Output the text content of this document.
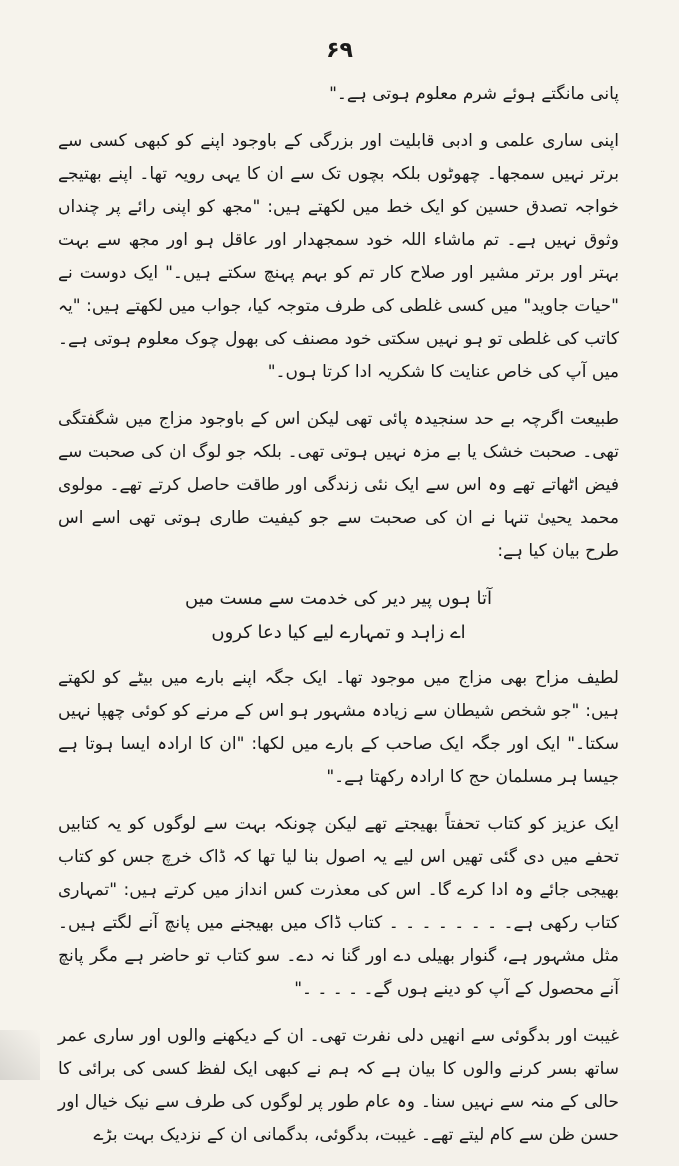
۶۹

پانی مانگتے ہوئے شرم معلوم ہوتی ہے۔"

اپنی ساری علمی و ادبی قابلیت اور بزرگی کے باوجود اپنے کو کبھی کسی سے برتر نہیں سمجھا۔ چھوٹوں بلکہ بچوں تک سے ان کا یہی رویہ تھا۔ اپنے بھتیجے خواجہ تصدق حسین کو ایک خط میں لکھتے ہیں: "مجھ کو اپنی رائے پر چنداں وثوق نہیں ہے۔ تم ماشاء اللہ خود سمجھدار اور عاقل ہو اور مجھ سے بہت بہتر اور برتر مشیر اور صلاح کار تم کو بہم پہنچ سکتے ہیں۔" ایک دوست نے "حیات جاوید" میں کسی غلطی کی طرف متوجہ کیا، جواب میں لکھتے ہیں: "یہ کاتب کی غلطی تو ہو نہیں سکتی خود مصنف کی بھول چوک معلوم ہوتی ہے۔ میں آپ کی خاص عنایت کا شکریہ ادا کرتا ہوں۔"

طبیعت اگرچہ بے حد سنجیدہ پائی تھی لیکن اس کے باوجود مزاج میں شگفتگی تھی۔ صحبت خشک یا بے مزہ نہیں ہوتی تھی۔ بلکہ جو لوگ ان کی صحبت سے فیض اٹھاتے تھے وہ اس سے ایک نئی زندگی اور طاقت حاصل کرتے تھے۔ مولوی محمد یحییٰ تنہا نے ان کی صحبت سے جو کیفیت طاری ہوتی تھی اسے اس طرح بیان کیا ہے:

آتا ہوں پیر دیر کی خدمت سے مست میں
اے زاہد و تمہارے لیے کیا دعا کروں

لطیف مزاح بھی مزاج میں موجود تھا۔ ایک جگہ اپنے بارے میں بیٹے کو لکھتے ہیں: "جو شخص شیطان سے زیادہ مشہور ہو اس کے مرنے کو کوئی چھپا نہیں سکتا۔" ایک اور جگہ ایک صاحب کے بارے میں لکھا: "ان کا ارادہ ایسا ہوتا ہے جیسا ہر مسلمان حج کا ارادہ رکھتا ہے۔"

ایک عزیز کو کتاب تحفتاً بھیجتے تھے لیکن چونکہ بہت سے لوگوں کو یہ کتابیں تحفے میں دی گئی تھیں اس لیے یہ اصول بنا لیا تھا کہ ڈاک خرچ جس کو کتاب بھیجی جائے وہ ادا کرے گا۔ اس کی معذرت کس انداز میں کرتے ہیں: "تمہاری کتاب رکھی ہے۔ ۔ ۔ ۔ ۔ ۔ ۔ ۔ کتاب ڈاک میں بھیجنے میں پانچ آنے لگتے ہیں۔ مثل مشہور ہے، گنوار بھیلی دے اور گنا نہ دے۔ سو کتاب تو حاضر ہے مگر پانچ آنے محصول کے آپ کو دینے ہوں گے۔ ۔ ۔ ۔ ۔"

غیبت اور بدگوئی سے انھیں دلی نفرت تھی۔ ان کے دیکھنے والوں اور ساری عمر ساتھ بسر کرنے والوں کا بیان ہے کہ ہم نے کبھی ایک لفظ کسی کی برائی کا حالی کے منہ سے نہیں سنا۔ وہ عام طور پر لوگوں کی طرف سے نیک خیال اور حسن ظن سے کام لیتے تھے۔ غیبت، بدگوئی، بدگمانی ان کے نزدیک بہت بڑے
